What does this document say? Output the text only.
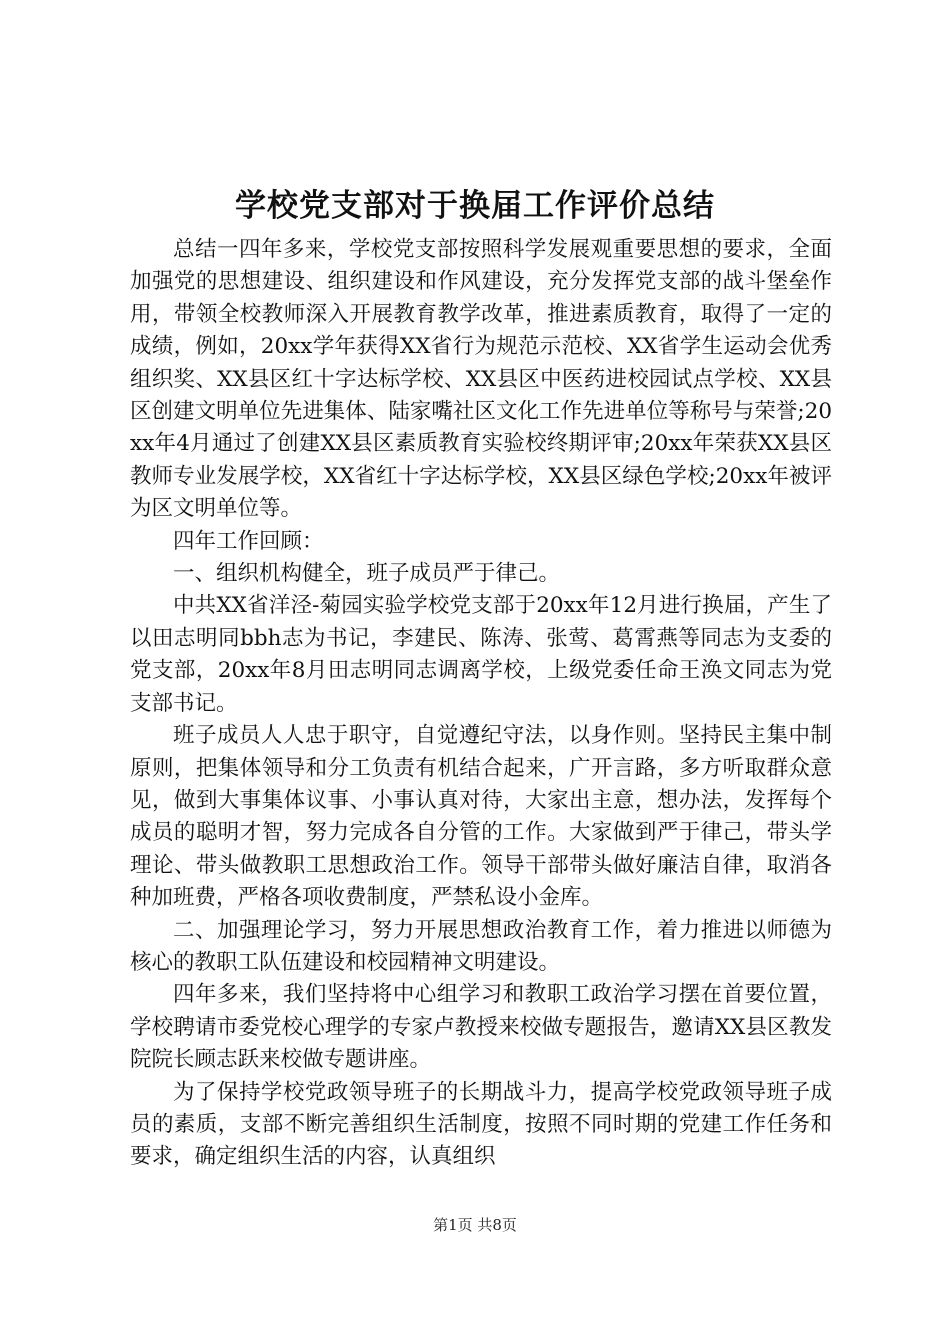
学校党支部对于换届工作评价总结

总结一四年多来，学校党支部按照科学发展观重要思想的要求，全面加强党的思想建设、组织建设和作风建设，充分发挥党支部的战斗堡垒作用，带领全校教师深入开展教育教学改革，推进素质教育，取得了一定的成绩，例如，20xx学年获得XX省行为规范示范校、XX省学生运动会优秀组织奖、XX县区红十字达标学校、XX县区中医药进校园试点学校、XX县区创建文明单位先进集体、陆家嘴社区文化工作先进单位等称号与荣誉;20xx年4月通过了创建XX县区素质教育实验校终期评审;20xx年荣获XX县区教师专业发展学校，XX省红十字达标学校，XX县区绿色学校;20xx年被评为区文明单位等。

四年工作回顾：

一、组织机构健全，班子成员严于律己。

中共XX省洋泾-菊园实验学校党支部于20xx年12月进行换届，产生了以田志明同bbh志为书记，李建民、陈涛、张莺、葛霄燕等同志为支委的党支部，20xx年8月田志明同志调离学校，上级党委任命王涣文同志为党支部书记。

班子成员人人忠于职守，自觉遵纪守法，以身作则。坚持民主集中制原则，把集体领导和分工负责有机结合起来，广开言路，多方听取群众意见，做到大事集体议事、小事认真对待，大家出主意，想办法，发挥每个成员的聪明才智，努力完成各自分管的工作。大家做到严于律己，带头学理论、带头做教职工思想政治工作。领导干部带头做好廉洁自律，取消各种加班费，严格各项收费制度，严禁私设小金库。

二、加强理论学习，努力开展思想政治教育工作，着力推进以师德为核心的教职工队伍建设和校园精神文明建设。

四年多来，我们坚持将中心组学习和教职工政治学习摆在首要位置，学校聘请市委党校心理学的专家卢教授来校做专题报告，邀请XX县区教发院院长顾志跃来校做专题讲座。

为了保持学校党政领导班子的长期战斗力，提高学校党政领导班子成员的素质，支部不断完善组织生活制度，按照不同时期的党建工作任务和要求，确定组织生活的内容，认真组织

第1页 共8页
